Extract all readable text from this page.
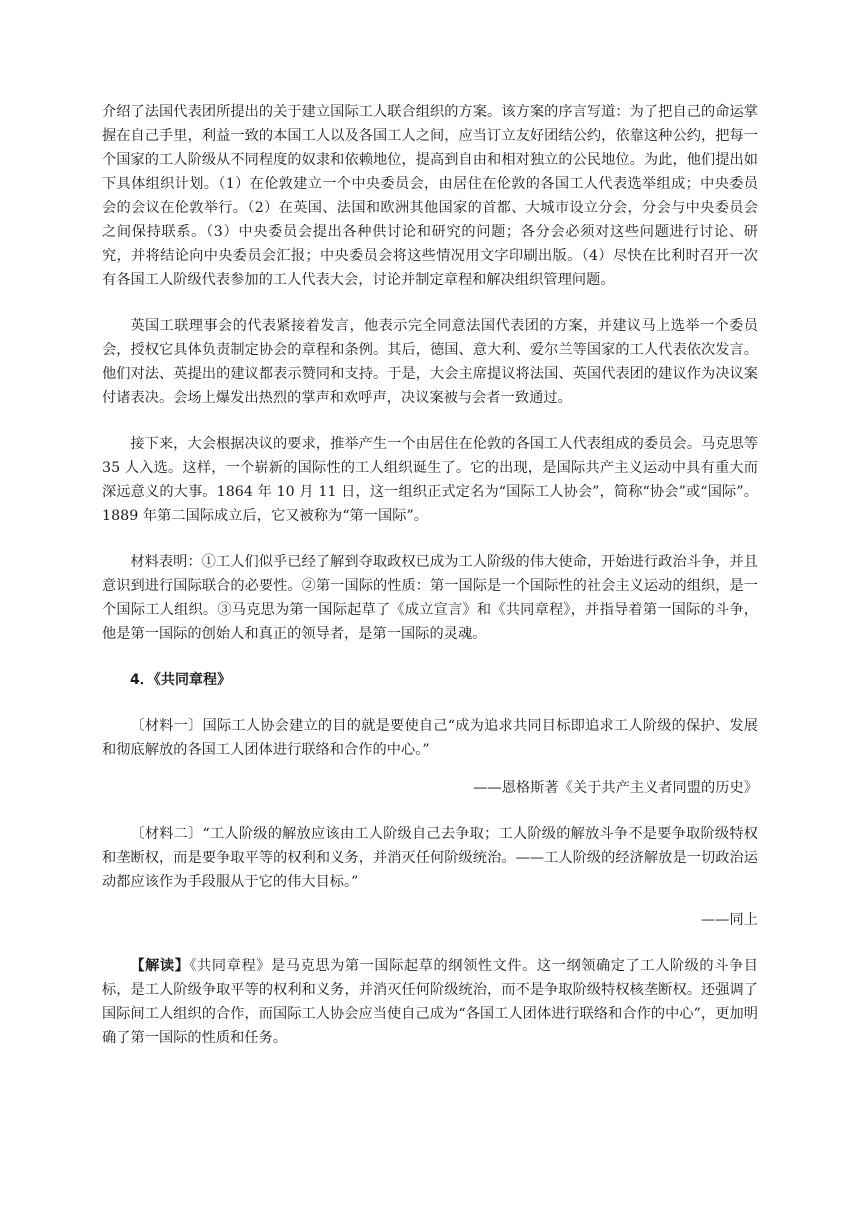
介绍了法国代表团所提出的关于建立国际工人联合组织的方案。该方案的序言写道：为了把自己的命运掌握在自己手里，利益一致的本国工人以及各国工人之间，应当订立友好团结公约，依靠这种公约，把每一个国家的工人阶级从不同程度的奴隶和依赖地位，提高到自由和相对独立的公民地位。为此，他们提出如下具体组织计划。（1）在伦敦建立一个中央委员会，由居住在伦敦的各国工人代表选举组成；中央委员会的会议在伦敦举行。（2）在英国、法国和欧洲其他国家的首都、大城市设立分会，分会与中央委员会之间保持联系。（3）中央委员会提出各种供讨论和研究的问题；各分会必须对这些问题进行讨论、研究，并将结论向中央委员会汇报；中央委员会将这些情况用文字印刷出版。（4）尽快在比利时召开一次有各国工人阶级代表参加的工人代表大会，讨论并制定章程和解决组织管理问题。

英国工联理事会的代表紧接着发言，他表示完全同意法国代表团的方案，并建议马上选举一个委员会，授权它具体负责制定协会的章程和条例。其后，德国、意大利、爱尔兰等国家的工人代表依次发言。他们对法、英提出的建议都表示赞同和支持。于是，大会主席提议将法国、英国代表团的建议作为决议案付诸表决。会场上爆发出热烈的掌声和欢呼声，决议案被与会者一致通过。

接下来，大会根据决议的要求，推举产生一个由居住在伦敦的各国工人代表组成的委员会。马克思等 35 人入选。这样，一个崭新的国际性的工人组织诞生了。它的出现，是国际共产主义运动中具有重大而深远意义的大事。1864 年 10 月 11 日，这一组织正式定名为“国际工人协会”，简称“协会”或“国际”。1889 年第二国际成立后，它又被称为“第一国际”。

材料表明：①工人们似乎已经了解到夺取政权已成为工人阶级的伟大使命，开始进行政治斗争，并且意识到进行国际联合的必要性。②第一国际的性质：第一国际是一个国际性的社会主义运动的组织，是一个国际工人组织。③马克思为第一国际起草了《成立宣言》和《共同章程》，并指导着第一国际的斗争，他是第一国际的创始人和真正的领导者，是第一国际的灵魂。

4．《共同章程》

〔材料一〕国际工人协会建立的目的就是要使自己“成为追求共同目标即追求工人阶级的保护、发展和彻底解放的各国工人团体进行联络和合作的中心。”

——恩格斯著《关于共产主义者同盟的历史》

〔材料二〕“工人阶级的解放应该由工人阶级自己去争取；工人阶级的解放斗争不是要争取阶级特权和垄断权，而是要争取平等的权利和义务，并消灭任何阶级统治。——工人阶级的经济解放是一切政治运动都应该作为手段服从于它的伟大目标。”

——同上

【解读】《共同章程》是马克思为第一国际起草的纲领性文件。这一纲领确定了工人阶级的斗争目标，是工人阶级争取平等的权利和义务，并消灭任何阶级统治，而不是争取阶级特权核垄断权。还强调了国际间工人组织的合作，而国际工人协会应当使自己成为“各国工人团体进行联络和合作的中心”，更加明确了第一国际的性质和任务。
